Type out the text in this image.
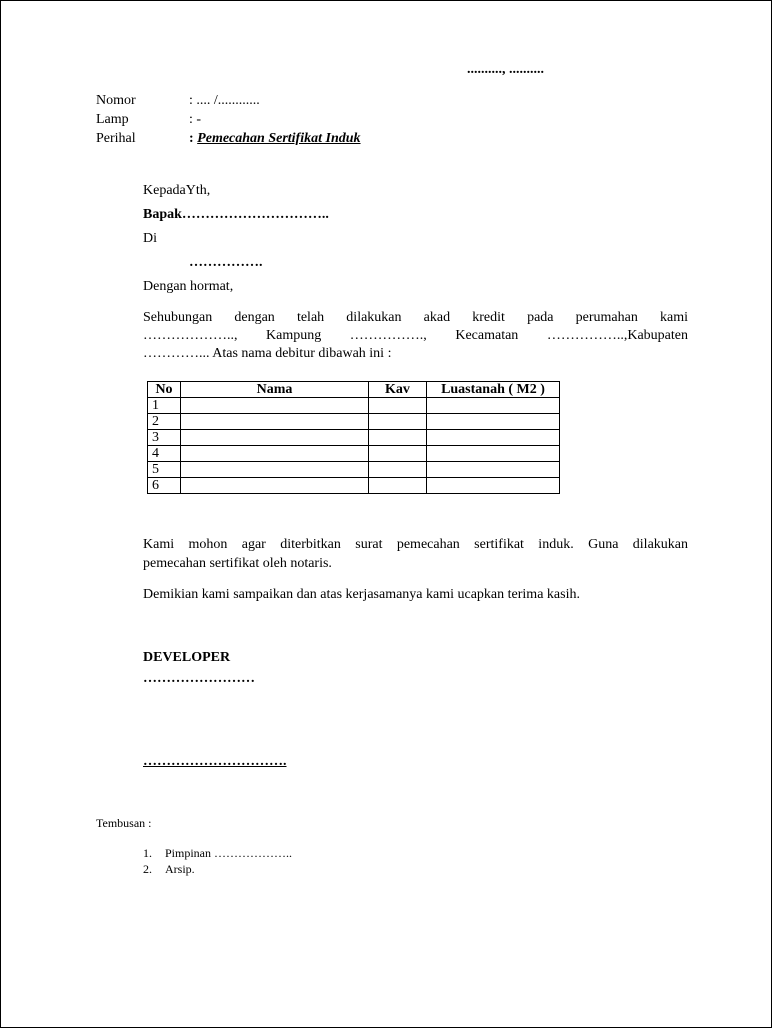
.........., ..........
Nomor	: .... /............
Lamp	: -
Perihal	: Pemecahan Sertifikat Induk
KepadaYth,
Bapak…………………………..
Di
…………….
Dengan hormat,
Sehubungan dengan telah dilakukan akad kredit pada perumahan kami
……………….., Kampung ……………., Kecamatan ……………..,Kabupaten
…………... Atas nama debitur dibawah ini :
No	Nama	Kav	Luastanah ( M2 )
1			
2			
3			
4			
5			
6			
Kami mohon agar diterbitkan surat pemecahan sertifikat induk. Guna dilakukan
pemecahan sertifikat oleh notaris.
Demikian kami sampaikan dan atas kerjasamanya kami ucapkan terima kasih.
DEVELOPER
……………………
………………………….
Tembusan :
1. Pimpinan ………………..
2. Arsip.
